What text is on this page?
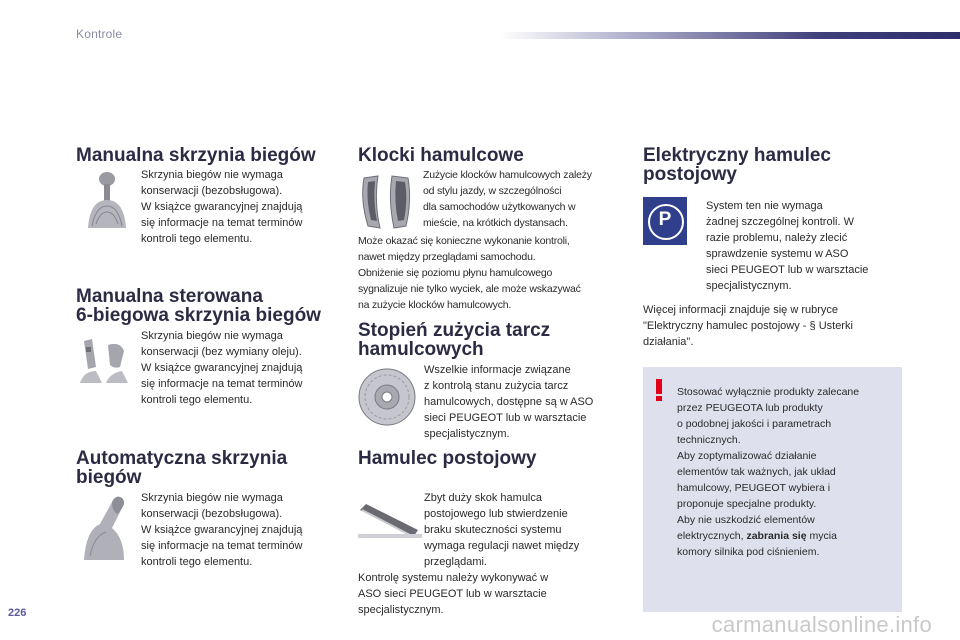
Kontrole
Manualna skrzynia biegów

Skrzynia biegów nie wymaga
konserwacji (bezobsługowa).
W książce gwarancyjnej znajdują
się informacje na temat terminów
kontroli tego elementu.

Manualna sterowana
6-biegowa skrzynia biegów

Skrzynia biegów nie wymaga
konserwacji (bez wymiany oleju).
W książce gwarancyjnej znajdują
się informacje na temat terminów
kontroli tego elementu.

Automatyczna skrzynia
biegów

Skrzynia biegów nie wymaga
konserwacji (bezobsługowa).
W książce gwarancyjnej znajdują
się informacje na temat terminów
kontroli tego elementu.

Klocki hamulcowe

Zużycie klocków hamulcowych zależy
od stylu jazdy, w szczególności
dla samochodów użytkowanych w
mieście, na krótkich dystansach.

Może okazać się konieczne wykonanie kontroli,
nawet między przeglądami samochodu.
Obniżenie się poziomu płynu hamulcowego
sygnalizuje nie tylko wyciek, ale może wskazywać
na zużycie klocków hamulcowych.

Stopień zużycia tarcz
hamulcowych

Wszelkie informacje związane
z kontrolą stanu zużycia tarcz
hamulcowych, dostępne są w ASO
sieci PEUGEOT lub w warsztacie
specjalistycznym.

Hamulec postojowy

Zbyt duży skok hamulca
postojowego lub stwierdzenie
braku skuteczności systemu
wymaga regulacji nawet między
przeglądami.

Kontrolę systemu należy wykonywać w
ASO sieci PEUGEOT lub w warsztacie
specjalistycznym.

Elektryczny hamulec
postojowy
P

System ten nie wymaga
żadnej szczególnej kontroli. W
razie problemu, należy zlecić
sprawdzenie systemu w ASO
sieci PEUGEOT lub w warsztacie
specjalistycznym.

Więcej informacji znajduje się w rubryce
"Elektryczny hamulec postojowy - § Usterki
działania".

Stosować wyłącznie produkty zalecane
przez PEUGEOTA lub produkty
o podobnej jakości i parametrach
technicznych.
Aby zoptymalizować działanie
elementów tak ważnych, jak układ
hamulcowy, PEUGEOT wybiera i
proponuje specjalne produkty.
Aby nie uszkodzić elementów
elektrycznych, zabrania się mycia
komory silnika pod ciśnieniem.

226	carmanualsonline.info
